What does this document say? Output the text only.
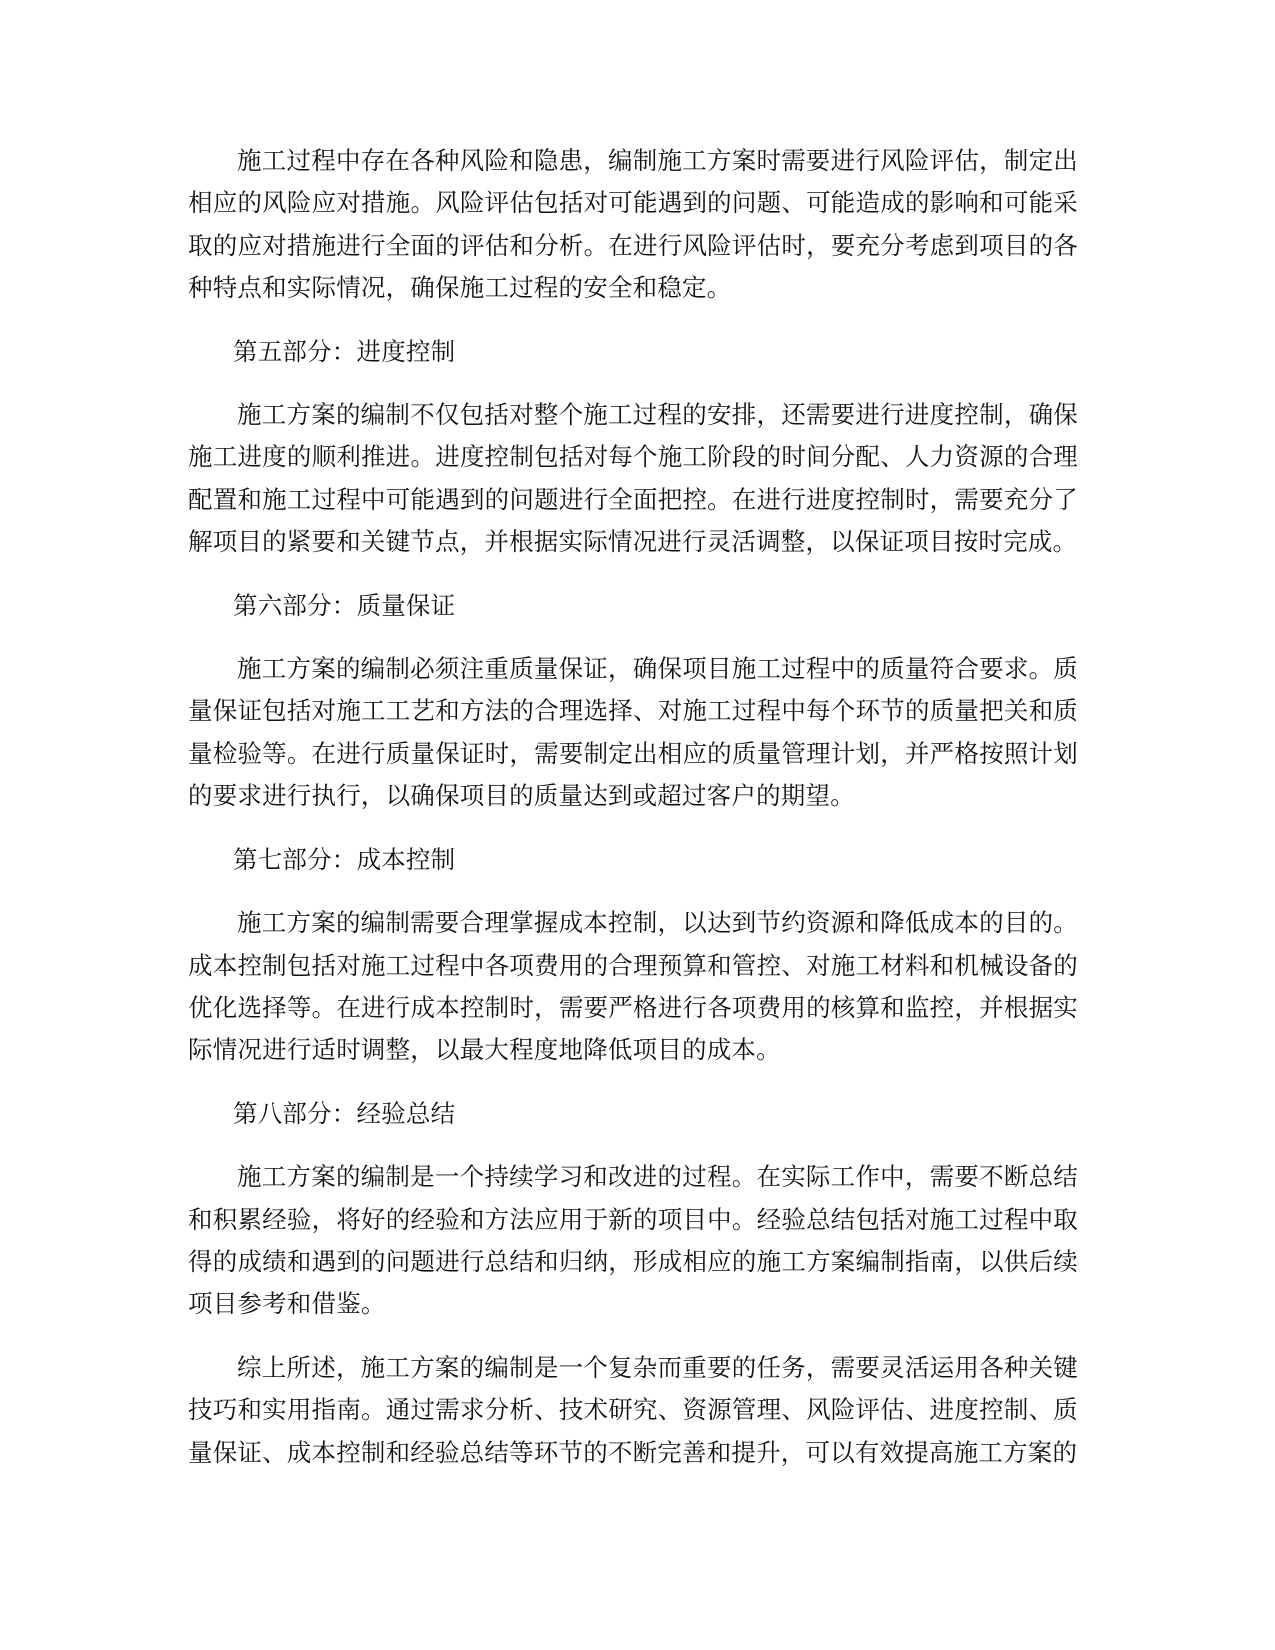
施工过程中存在各种风险和隐患，编制施工方案时需要进行风险评估，制定出相应的风险应对措施。风险评估包括对可能遇到的问题、可能造成的影响和可能采取的应对措施进行全面的评估和分析。在进行风险评估时，要充分考虑到项目的各种特点和实际情况，确保施工过程的安全和稳定。

第五部分：进度控制

施工方案的编制不仅包括对整个施工过程的安排，还需要进行进度控制，确保施工进度的顺利推进。进度控制包括对每个施工阶段的时间分配、人力资源的合理配置和施工过程中可能遇到的问题进行全面把控。在进行进度控制时，需要充分了解项目的紧要和关键节点，并根据实际情况进行灵活调整，以保证项目按时完成。

第六部分：质量保证

施工方案的编制必须注重质量保证，确保项目施工过程中的质量符合要求。质量保证包括对施工工艺和方法的合理选择、对施工过程中每个环节的质量把关和质量检验等。在进行质量保证时，需要制定出相应的质量管理计划，并严格按照计划的要求进行执行，以确保项目的质量达到或超过客户的期望。

第七部分：成本控制

施工方案的编制需要合理掌握成本控制，以达到节约资源和降低成本的目的。成本控制包括对施工过程中各项费用的合理预算和管控、对施工材料和机械设备的优化选择等。在进行成本控制时，需要严格进行各项费用的核算和监控，并根据实际情况进行适时调整，以最大程度地降低项目的成本。

第八部分：经验总结

施工方案的编制是一个持续学习和改进的过程。在实际工作中，需要不断总结和积累经验，将好的经验和方法应用于新的项目中。经验总结包括对施工过程中取得的成绩和遇到的问题进行总结和归纳，形成相应的施工方案编制指南，以供后续项目参考和借鉴。

综上所述，施工方案的编制是一个复杂而重要的任务，需要灵活运用各种关键技巧和实用指南。通过需求分析、技术研究、资源管理、风险评估、进度控制、质量保证、成本控制和经验总结等环节的不断完善和提升，可以有效提高施工方案的
